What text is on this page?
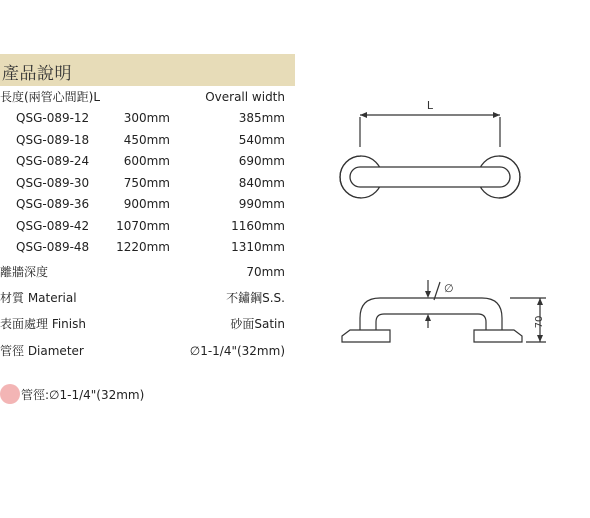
產品說明
長度(兩管心間距)L	Overall width
QSG-089-12	300mm	385mm
QSG-089-18	450mm	540mm
QSG-089-24	600mm	690mm
QSG-089-30	750mm	840mm
QSG-089-36	900mm	990mm
QSG-089-42	1070mm	1160mm
QSG-089-48	1220mm	1310mm
離牆深度	70mm
材質 Material	不鏽鋼S.S.
表面處理 Finish	砂面Satin
管徑 Diameter	∅1-1/4"(32mm)
管徑:∅1-1/4"(32mm)
L
70
∅
